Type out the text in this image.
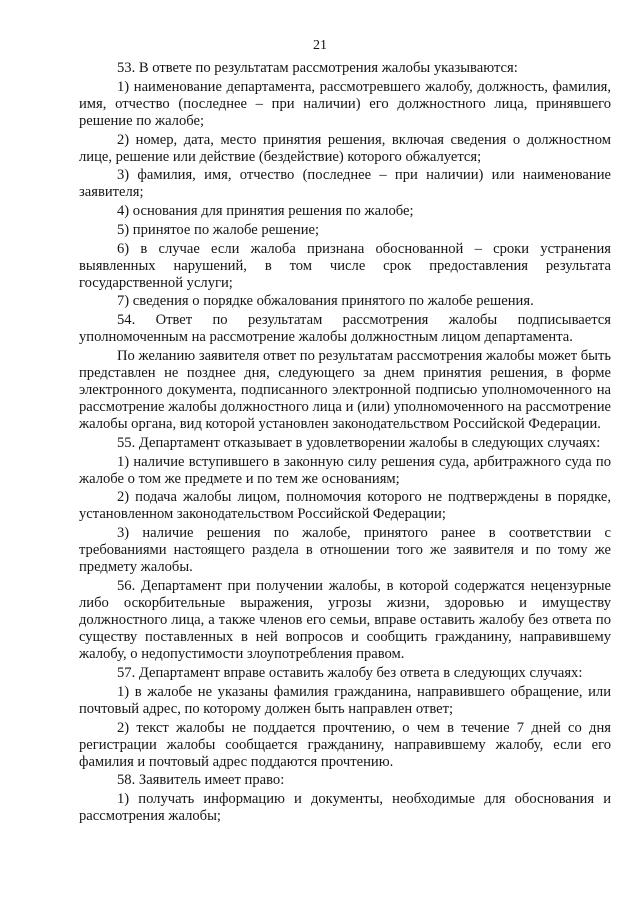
21

53. В ответе по результатам рассмотрения жалобы указываются:

1) наименование департамента, рассмотревшего жалобу, должность, фамилия, имя, отчество (последнее – при наличии) его должностного лица, принявшего решение по жалобе;

2) номер, дата, место принятия решения, включая сведения о должностном лице, решение или действие (бездействие) которого обжалуется;

3) фамилия, имя, отчество (последнее – при наличии) или наименование заявителя;

4) основания для принятия решения по жалобе;

5) принятое по жалобе решение;

6) в случае если жалоба признана обоснованной – сроки устранения выявленных нарушений, в том числе срок предоставления результата государственной услуги;

7) сведения о порядке обжалования принятого по жалобе решения.

54. Ответ по результатам рассмотрения жалобы подписывается уполномоченным на рассмотрение жалобы должностным лицом департамента.

По желанию заявителя ответ по результатам рассмотрения жалобы может быть представлен не позднее дня, следующего за днем принятия решения, в форме электронного документа, подписанного электронной подписью уполномоченного на рассмотрение жалобы должностного лица и (или) уполномоченного на рассмотрение жалобы органа, вид которой установлен законодательством Российской Федерации.

55. Департамент отказывает в удовлетворении жалобы в следующих случаях:

1) наличие вступившего в законную силу решения суда, арбитражного суда по жалобе о том же предмете и по тем же основаниям;

2) подача жалобы лицом, полномочия которого не подтверждены в порядке, установленном законодательством Российской Федерации;

3) наличие решения по жалобе, принятого ранее в соответствии с требованиями настоящего раздела в отношении того же заявителя и по тому же предмету жалобы.

56. Департамент при получении жалобы, в которой содержатся нецензурные либо оскорбительные выражения, угрозы жизни, здоровью и имуществу должностного лица, а также членов его семьи, вправе оставить жалобу без ответа по существу поставленных в ней вопросов и сообщить гражданину, направившему жалобу, о недопустимости злоупотребления правом.

57. Департамент вправе оставить жалобу без ответа в следующих случаях:

1) в жалобе не указаны фамилия гражданина, направившего обращение, или почтовый адрес, по которому должен быть направлен ответ;

2) текст жалобы не поддается прочтению, о чем в течение 7 дней со дня регистрации жалобы сообщается гражданину, направившему жалобу, если его фамилия и почтовый адрес поддаются прочтению.

58. Заявитель имеет право:

1) получать информацию и документы, необходимые для обоснования и рассмотрения жалобы;
